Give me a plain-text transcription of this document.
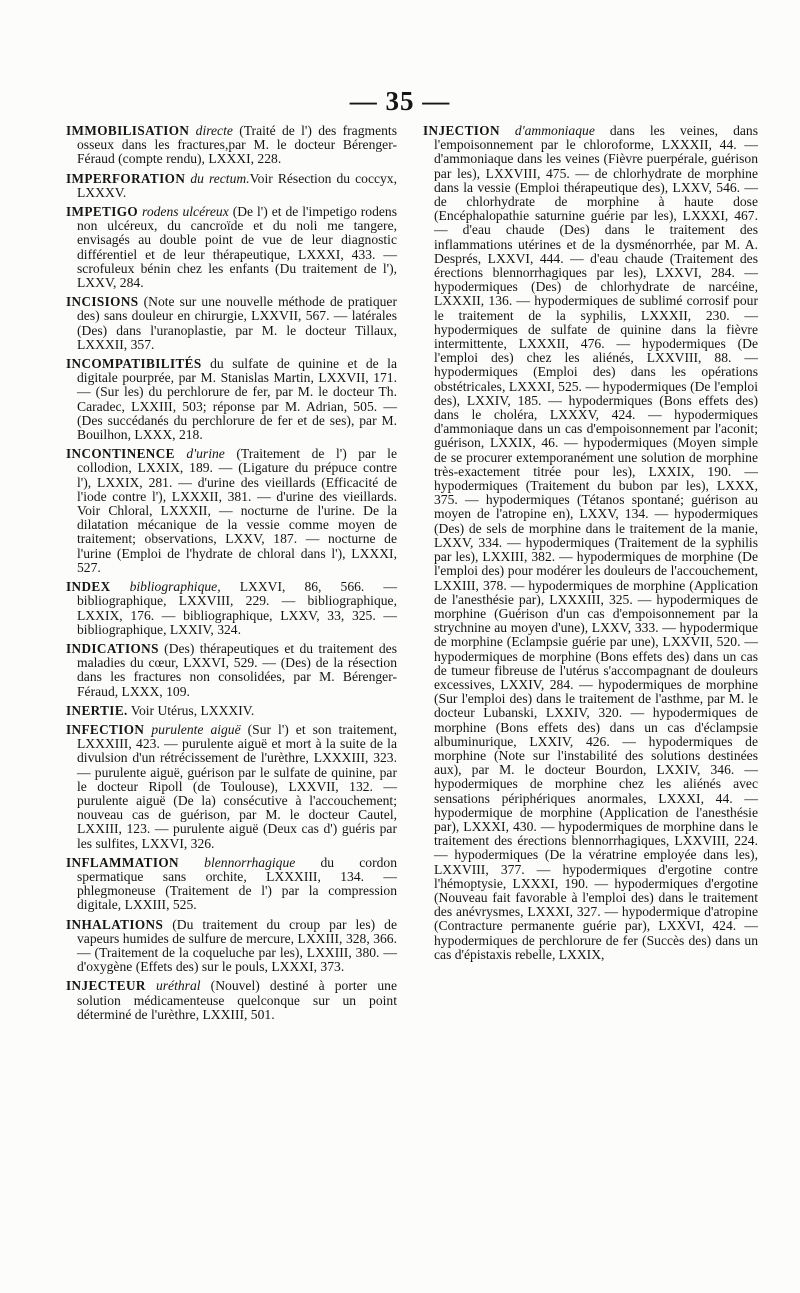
— 35 —

IMMOBILISATION directe (Traité de l') des fragments osseux dans les fractures,par M. le docteur Bérenger-Féraud (compte rendu), LXXXI, 228.

IMPERFORATION du rectum.Voir Résection du coccyx, LXXXV.

IMPETIGO rodens ulcéreux (De l') et de l'impetigo rodens non ulcéreux, du cancroïde et du noli me tangere, envisagés au double point de vue de leur diagnostic différentiel et de leur thérapeutique, LXXXI, 433. — scrofuleux bénin chez les enfants (Du traitement de l'), LXXV, 284.

INCISIONS (Note sur une nouvelle méthode de pratiquer des) sans douleur en chirurgie, LXXVII, 567. — latérales (Des) dans l'uranoplastie, par M. le docteur Tillaux, LXXXII, 357.

INCOMPATIBILITÉS du sulfate de quinine et de la digitale pourprée, par M. Stanislas Martin, LXXVII, 171. — (Sur les) du perchlorure de fer, par M. le docteur Th. Caradec, LXXIII, 503; réponse par M. Adrian, 505. — (Des succédanés du perchlorure de fer et de ses), par M. Bouilhon, LXXX, 218.

INCONTINENCE d'urine (Traitement de l') par le collodion, LXXIX, 189. — (Ligature du prépuce contre l'), LXXIX, 281. — d'urine des vieillards (Efficacité de l'iode contre l'), LXXXII, 381. — d'urine des vieillards. Voir Chloral, LXXXII, — nocturne de l'urine. De la dilatation mécanique de la vessie comme moyen de traitement; observations, LXXV, 187. — nocturne de l'urine (Emploi de l'hydrate de chloral dans l'), LXXXI, 527.

INDEX bibliographique, LXXVI, 86, 566. — bibliographique, LXXVIII, 229. — bibliographique, LXXIX, 176. — bibliographique, LXXV, 33, 325. — bibliographique, LXXIV, 324.

INDICATIONS (Des) thérapeutiques et du traitement des maladies du cœur, LXXVI, 529. — (Des) de la résection dans les fractures non consolidées, par M. Bérenger-Féraud, LXXX, 109.

INERTIE. Voir Utérus, LXXXIV.

INFECTION purulente aiguë (Sur l') et son traitement, LXXXIII, 423. — purulente aiguë et mort à la suite de la divulsion d'un rétrécissement de l'urèthre, LXXXIII, 323. — purulente aiguë, guérison par le sulfate de quinine, par le docteur Ripoll (de Toulouse), LXXVII, 132. — purulente aiguë (De la) consécutive à l'accouchement; nouveau cas de guérison, par M. le docteur Cautel, LXXIII, 123. — purulente aiguë (Deux cas d') guéris par les sulfites, LXXVI, 326.

INFLAMMATION blennorrhagique du cordon spermatique sans orchite, LXXXIII, 134. — phlegmoneuse (Traitement de l') par la compression digitale, LXXIII, 525.

INHALATIONS (Du traitement du croup par les) de vapeurs humides de sulfure de mercure, LXXIII, 328, 366. — (Traitement de la coqueluche par les), LXXIII, 380. — d'oxygène (Effets des) sur le pouls, LXXXI, 373.

INJECTEUR uréthral (Nouvel) destiné à porter une solution médicamenteuse quelconque sur un point déterminé de l'urèthre, LXXIII, 501.

INJECTION d'ammoniaque dans les veines, dans l'empoisonnement par le chloroforme, LXXXII, 44. — d'ammoniaque dans les veines (Fièvre puerpérale, guérison par les), LXXVIII, 475. — de chlorhydrate de morphine dans la vessie (Emploi thérapeutique des), LXXV, 546. — de chlorhydrate de morphine à haute dose (Encéphalopathie saturnine guérie par les), LXXXI, 467. — d'eau chaude (Des) dans le traitement des inflammations utérines et de la dysménorrhée, par M. A. Després, LXXVI, 444. — d'eau chaude (Traitement des érections blennorrhagiques par les), LXXVI, 284. — hypodermiques (Des) de chlorhydrate de narcéine, LXXXII, 136. — hypodermiques de sublimé corrosif pour le traitement de la syphilis, LXXXII, 230. — hypodermiques de sulfate de quinine dans la fièvre intermittente, LXXXII, 476. — hypodermiques (De l'emploi des) chez les aliénés, LXXVIII, 88. — hypodermiques (Emploi des) dans les opérations obstétricales, LXXXI, 525. — hypodermiques (De l'emploi des), LXXIV, 185. — hypodermiques (Bons effets des) dans le choléra, LXXXV, 424. — hypodermiques d'ammoniaque dans un cas d'empoisonnement par l'aconit; guérison, LXXIX, 46. — hypodermiques (Moyen simple de se procurer extemporanément une solution de morphine très-exactement titrée pour les), LXXIX, 190. — hypodermiques (Traitement du bubon par les), LXXX, 375. — hypodermiques (Tétanos spontané; guérison au moyen de l'atropine en), LXXV, 134. — hypodermiques (Des) de sels de morphine dans le traitement de la manie, LXXV, 334. — hypodermiques (Traitement de la syphilis par les), LXXIII, 382. — hypodermiques de morphine (De l'emploi des) pour modérer les douleurs de l'accouchement, LXXIII, 378. — hypodermiques de morphine (Application de l'anesthésie par), LXXXIII, 325. — hypodermiques de morphine (Guérison d'un cas d'empoisonnement par la strychnine au moyen d'une), LXXV, 333. — hypodermique de morphine (Eclampsie guérie par une), LXXVII, 520. — hypodermiques de morphine (Bons effets des) dans un cas de tumeur fibreuse de l'utérus s'accompagnant de douleurs excessives, LXXIV, 284. — hypodermiques de morphine (Sur l'emploi des) dans le traitement de l'asthme, par M. le docteur Lubanski, LXXIV, 320. — hypodermiques de morphine (Bons effets des) dans un cas d'éclampsie albuminurique, LXXIV, 426. — hypodermiques de morphine (Note sur l'instabilité des solutions destinées aux), par M. le docteur Bourdon, LXXIV, 346. — hypodermiques de morphine chez les aliénés avec sensations périphériques anormales, LXXXI, 44. — hypodermique de morphine (Application de l'anesthésie par), LXXXI, 430. — hypodermiques de morphine dans le traitement des érections blennorrhagiques, LXXVIII, 224. — hypodermiques (De la vératrine employée dans les), LXXVIII, 377. — hypodermiques d'ergotine contre l'hémoptysie, LXXXI, 190. — hypodermiques d'ergotine (Nouveau fait favorable à l'emploi des) dans le traitement des anévrysmes, LXXXI, 327. — hypodermique d'atropine (Contracture permanente guérie par), LXXVI, 424. — hypodermiques de perchlorure de fer (Succès des) dans un cas d'épistaxis rebelle, LXXIX,
